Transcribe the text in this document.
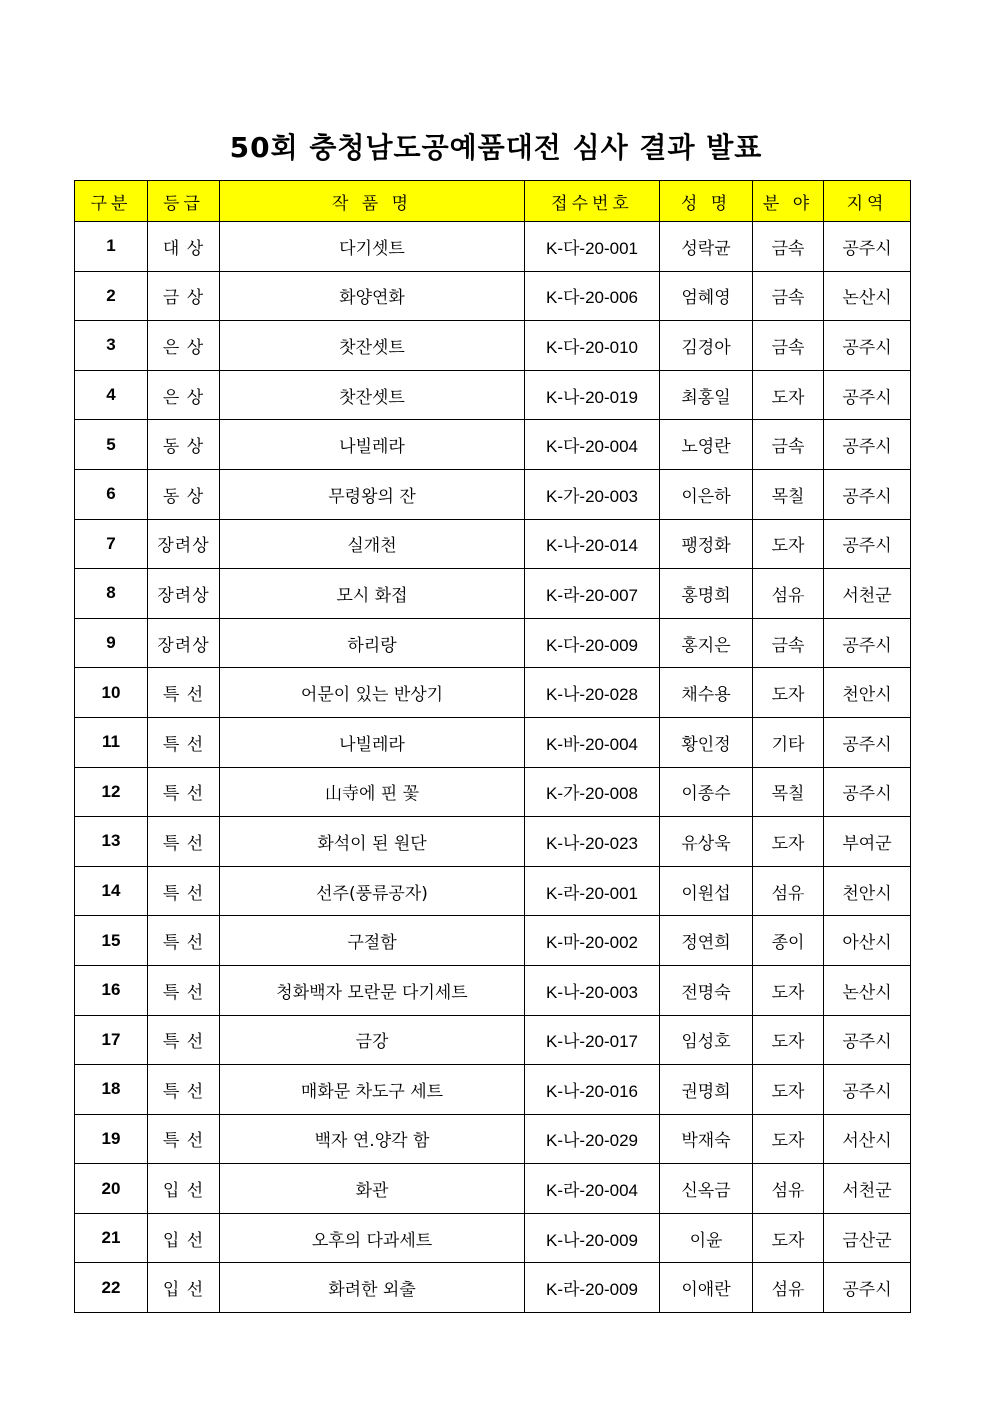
50회 충청남도공예품대전 심사 결과 발표
구분	등급	작 품 명	접수번호	성 명	분 야	지역
1	대 상	다기셋트	K-다-20-001	성락균	금속	공주시
2	금 상	화양연화	K-다-20-006	엄혜영	금속	논산시
3	은 상	찻잔셋트	K-다-20-010	김경아	금속	공주시
4	은 상	찻잔셋트	K-나-20-019	최홍일	도자	공주시
5	동 상	나빌레라	K-다-20-004	노영란	금속	공주시
6	동 상	무령왕의 잔	K-가-20-003	이은하	목칠	공주시
7	장려상	실개천	K-나-20-014	팽정화	도자	공주시
8	장려상	모시 화접	K-라-20-007	홍명희	섬유	서천군
9	장려상	하리랑	K-다-20-009	홍지은	금속	공주시
10	특 선	어문이 있는 반상기	K-나-20-028	채수용	도자	천안시
11	특 선	나빌레라	K-바-20-004	황인정	기타	공주시
12	특 선	山寺에 핀 꽃	K-가-20-008	이종수	목칠	공주시
13	특 선	화석이 된 원단	K-나-20-023	유상욱	도자	부여군
14	특 선	선주(풍류공자)	K-라-20-001	이원섭	섬유	천안시
15	특 선	구절함	K-마-20-002	정연희	종이	아산시
16	특 선	청화백자 모란문 다기세트	K-나-20-003	전명숙	도자	논산시
17	특 선	금강	K-나-20-017	임성호	도자	공주시
18	특 선	매화문 차도구 세트	K-나-20-016	권명희	도자	공주시
19	특 선	백자 연.양각 함	K-나-20-029	박재숙	도자	서산시
20	입 선	화관	K-라-20-004	신옥금	섬유	서천군
21	입 선	오후의 다과세트	K-나-20-009	이윤	도자	금산군
22	입 선	화려한 외출	K-라-20-009	이애란	섬유	공주시
